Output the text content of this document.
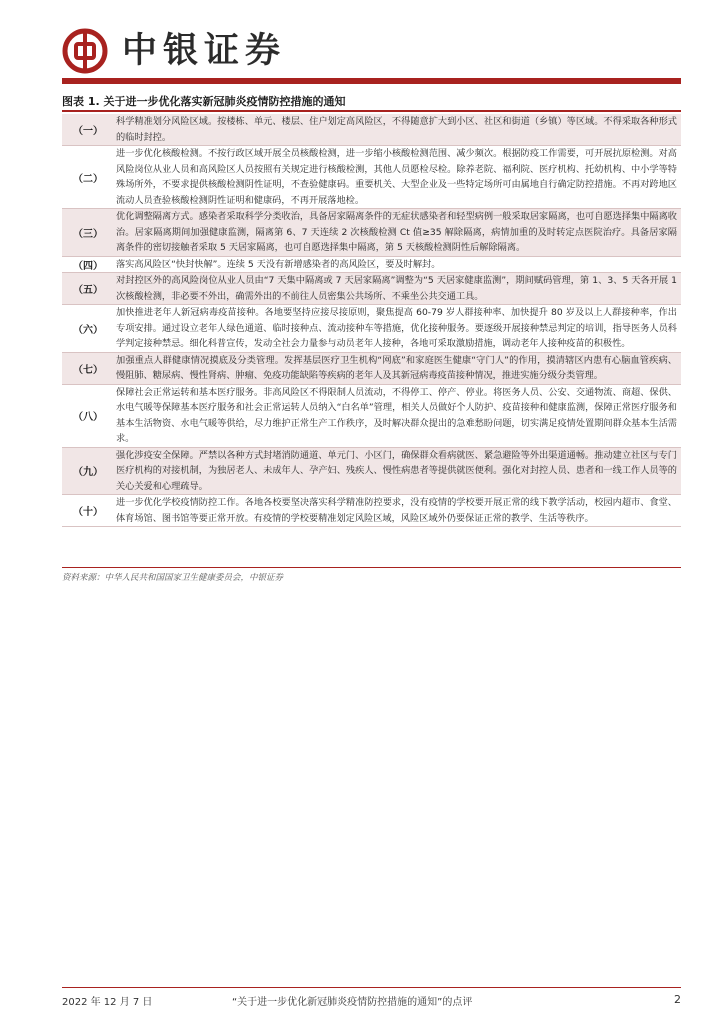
中银证券
图表 1. 关于进一步优化落实新冠肺炎疫情防控措施的通知
（一）
科学精准划分风险区域。按楼栋、单元、楼层、住户划定高风险区，不得随意扩大到小区、社区和街道（乡镇）等区域。不得采取各种形式的临时封控。
（二）
进一步优化核酸检测。不按行政区域开展全员核酸检测，进一步缩小核酸检测范围、减少频次。根据防疫工作需要，可开展抗原检测。对高风险岗位从业人员和高风险区人员按照有关规定进行核酸检测，其他人员愿检尽检。除养老院、福利院、医疗机构、托幼机构、中小学等特殊场所外，不要求提供核酸检测阴性证明，不查验健康码。重要机关、大型企业及一些特定场所可由属地自行确定防控措施。不再对跨地区流动人员查验核酸检测阴性证明和健康码，不再开展落地检。
（三）
优化调整隔离方式。感染者采取科学分类收治，具备居家隔离条件的无症状感染者和轻型病例一般采取居家隔离，也可自愿选择集中隔离收治。居家隔离期间加强健康监测，隔离第 6、7 天连续 2 次核酸检测 Ct 值≥35 解除隔离，病情加重的及时转定点医院治疗。具备居家隔离条件的密切接触者采取 5 天居家隔离，也可自愿选择集中隔离，第 5 天核酸检测阴性后解除隔离。
（四）	落实高风险区“快封快解”。连续 5 天没有新增感染者的高风险区，要及时解封。
（五）
对封控区外的高风险岗位从业人员由“7 天集中隔离或 7 天居家隔离”调整为“5 天居家健康监测”，期间赋码管理，第 1、3、5 天各开展 1 次核酸检测，非必要不外出，确需外出的不前往人员密集公共场所、不乘坐公共交通工具。
（六）
加快推进老年人新冠病毒疫苗接种。各地要坚持应接尽接原则，聚焦提高 60-79 岁人群接种率、加快提升 80 岁及以上人群接种率，作出专项安排。通过设立老年人绿色通道、临时接种点、流动接种车等措施，优化接种服务。要逐级开展接种禁忌判定的培训，指导医务人员科学判定接种禁忌。细化科普宣传，发动全社会力量参与动员老年人接种，各地可采取激励措施，调动老年人接种疫苗的积极性。
（七）
加强重点人群健康情况摸底及分类管理。发挥基层医疗卫生机构“网底”和家庭医生健康“守门人”的作用，摸清辖区内患有心脑血管疾病、慢阻肺、糖尿病、慢性肾病、肿瘤、免疫功能缺陷等疾病的老年人及其新冠病毒疫苗接种情况，推进实施分级分类管理。
（八）
保障社会正常运转和基本医疗服务。非高风险区不得限制人员流动，不得停工、停产、停业。将医务人员、公安、交通物流、商超、保供、水电气暖等保障基本医疗服务和社会正常运转人员纳入“白名单”管理，相关人员做好个人防护、疫苗接种和健康监测，保障正常医疗服务和基本生活物资、水电气暖等供给，尽力维护正常生产工作秩序，及时解决群众提出的急难愁盼问题，切实满足疫情处置期间群众基本生活需求。
（九）
强化涉疫安全保障。严禁以各种方式封堵消防通道、单元门、小区门，确保群众看病就医、紧急避险等外出渠道通畅。推动建立社区与专门医疗机构的对接机制，为独居老人、未成年人、孕产妇、残疾人、慢性病患者等提供就医便利。强化对封控人员、患者和一线工作人员等的关心关爱和心理疏导。
（十）
进一步优化学校疫情防控工作。各地各校要坚决落实科学精准防控要求，没有疫情的学校要开展正常的线下教学活动，校园内超市、食堂、体育场馆、图书馆等要正常开放。有疫情的学校要精准划定风险区域，风险区域外仍要保证正常的教学、生活等秩序。
资料来源：中华人民共和国国家卫生健康委员会，中银证券
2022 年 12 月 7 日	“关于进一步优化新冠肺炎疫情防控措施的通知”的点评	2
